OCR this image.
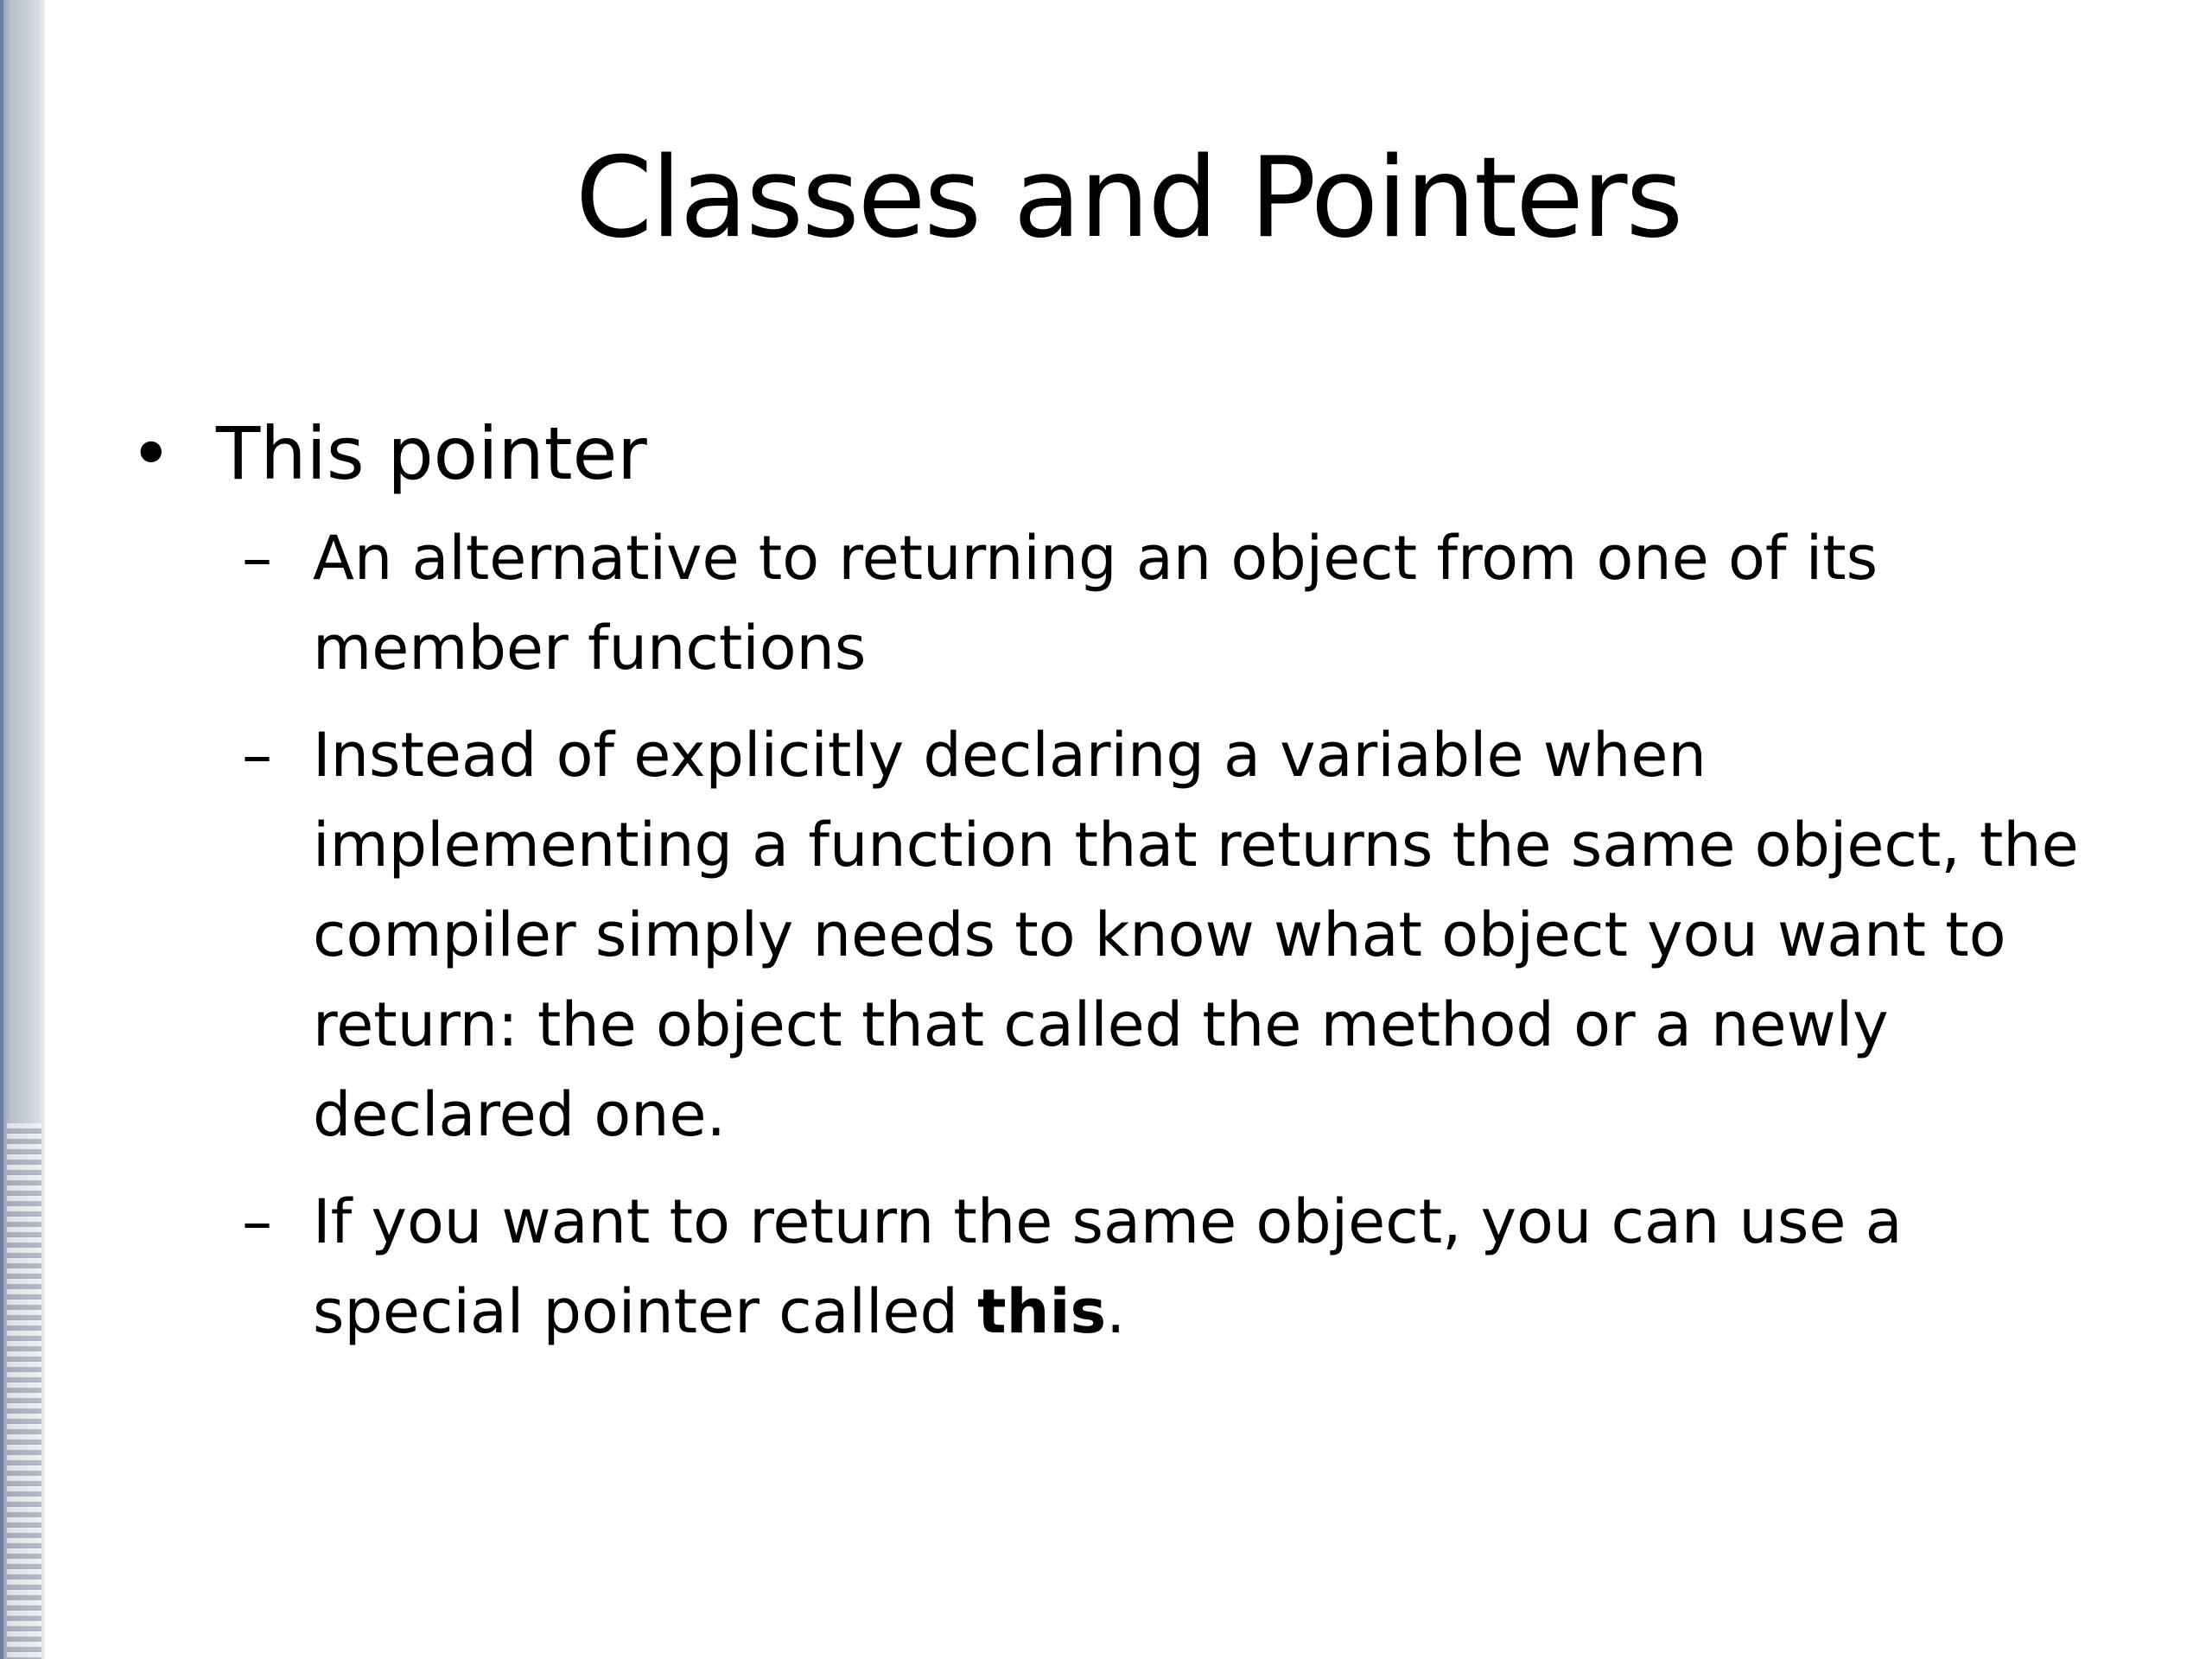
Classes and Pointers
• This pointer
– An alternative to returning an object from one of its member functions
– Instead of explicitly declaring a variable when implementing a function that returns the same object, the compiler simply needs to know what object you want to return: the object that called the method or a newly declared one.
– If you want to return the same object, you can use a special pointer called this.
